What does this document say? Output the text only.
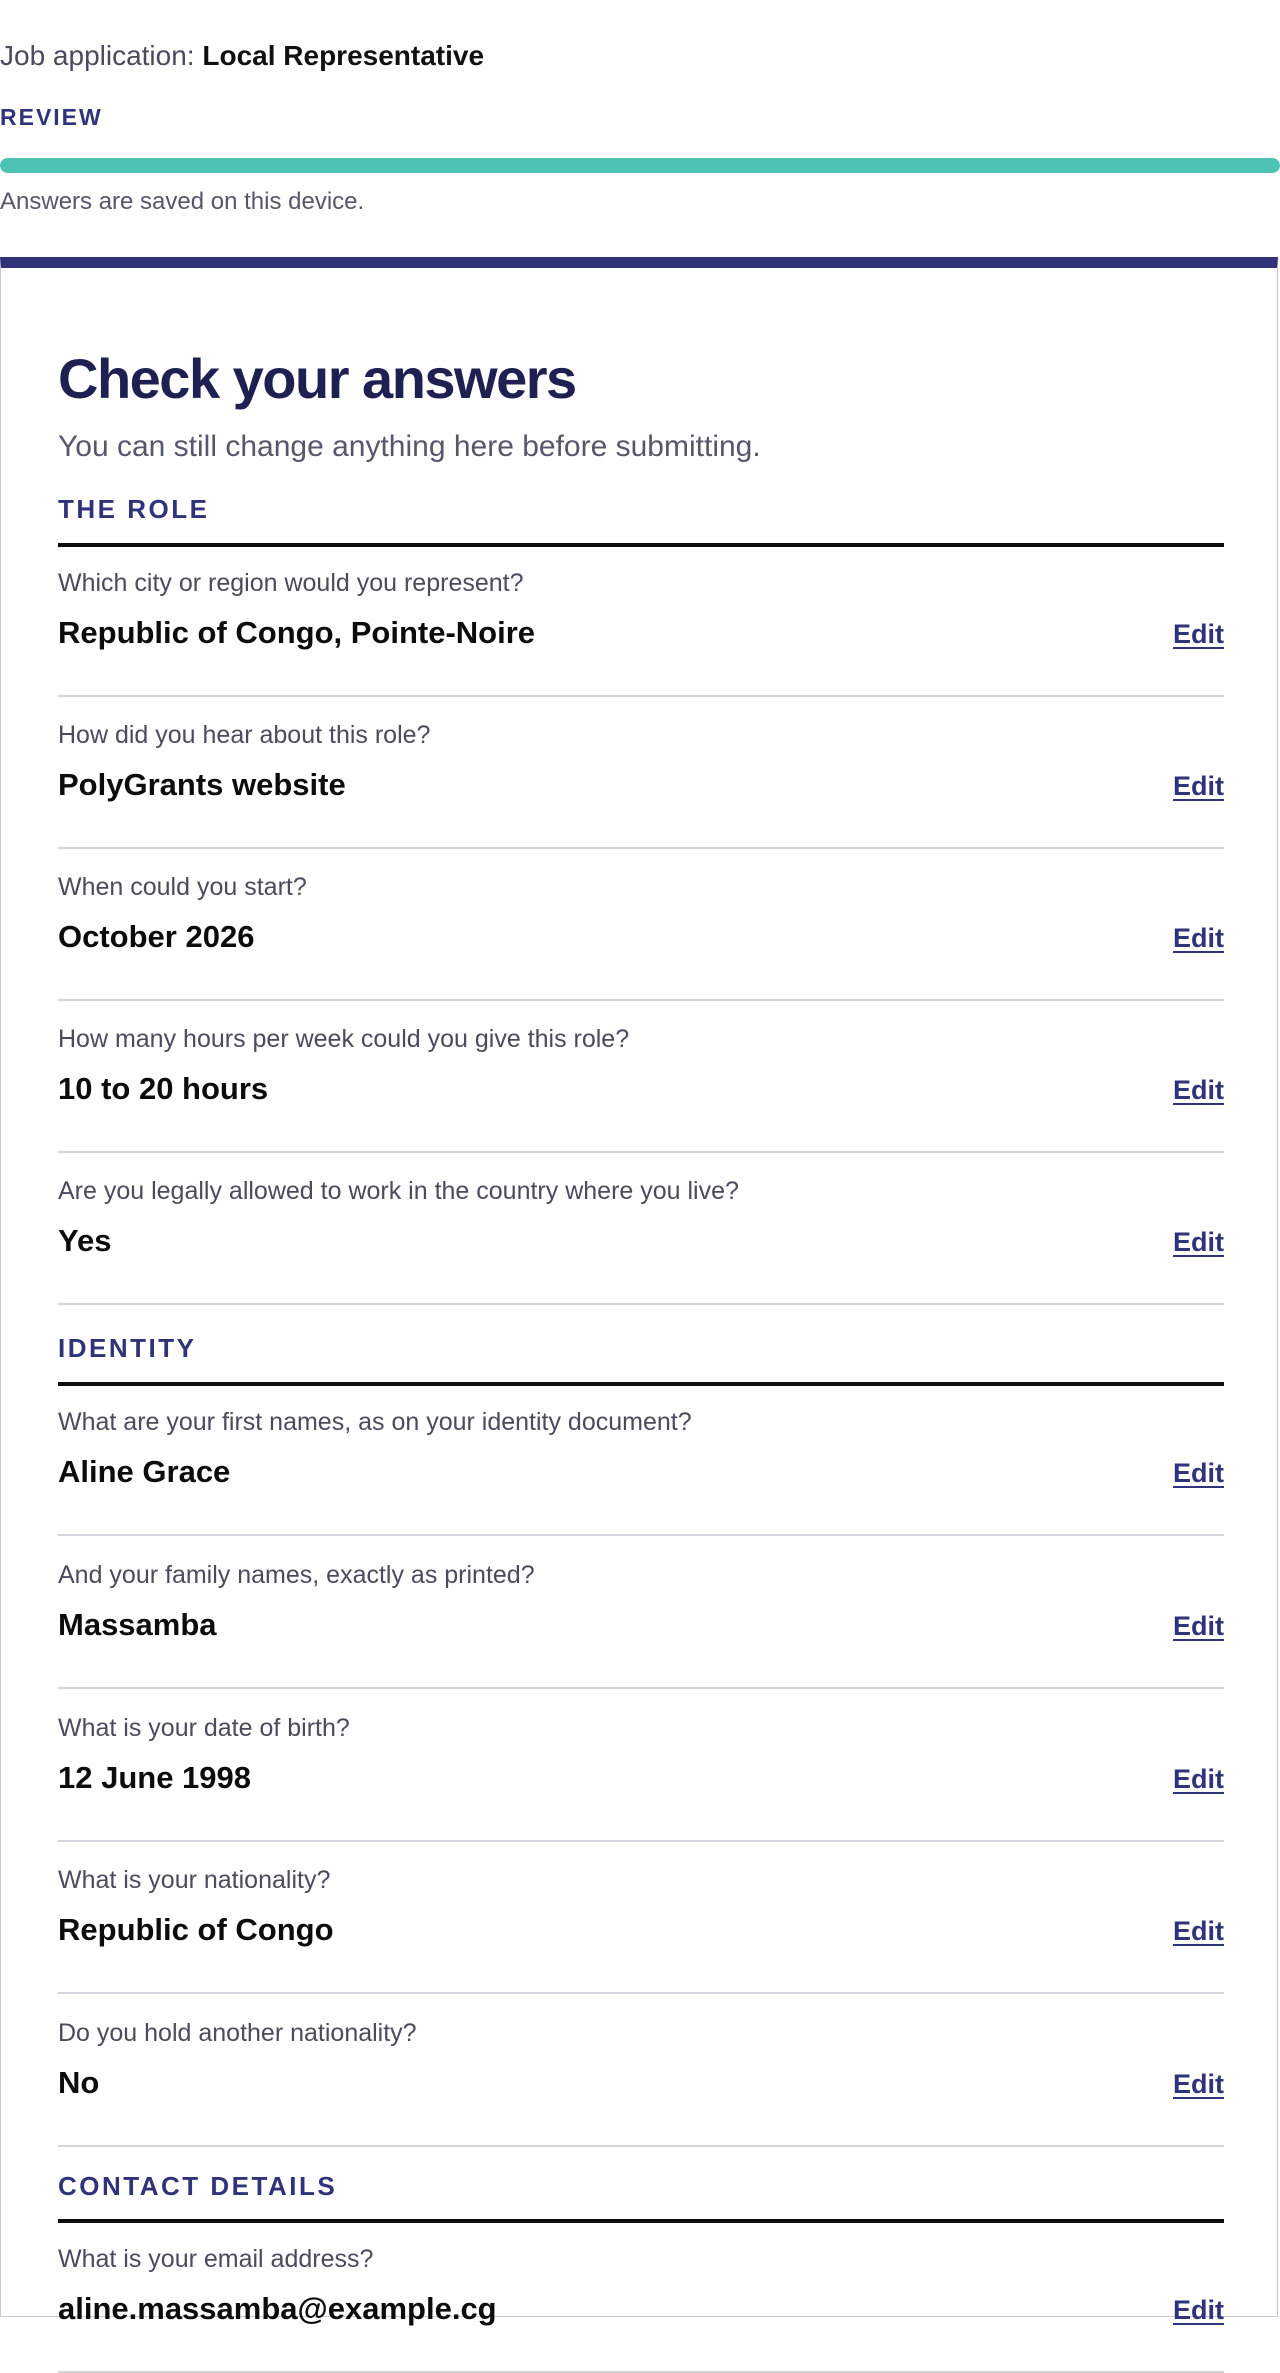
Job application: Local Representative
REVIEW
Answers are saved on this device.
Check your answers
You can still change anything here before submitting.
THE ROLE
Which city or region would you represent?
Republic of Congo, Pointe-Noire	Edit
How did you hear about this role?
PolyGrants website	Edit
When could you start?
October 2026	Edit
How many hours per week could you give this role?
10 to 20 hours	Edit
Are you legally allowed to work in the country where you live?
Yes	Edit
IDENTITY
What are your first names, as on your identity document?
Aline Grace	Edit
And your family names, exactly as printed?
Massamba	Edit
What is your date of birth?
12 June 1998	Edit
What is your nationality?
Republic of Congo	Edit
Do you hold another nationality?
No	Edit
CONTACT DETAILS
What is your email address?
aline.massamba@example.cg	Edit
